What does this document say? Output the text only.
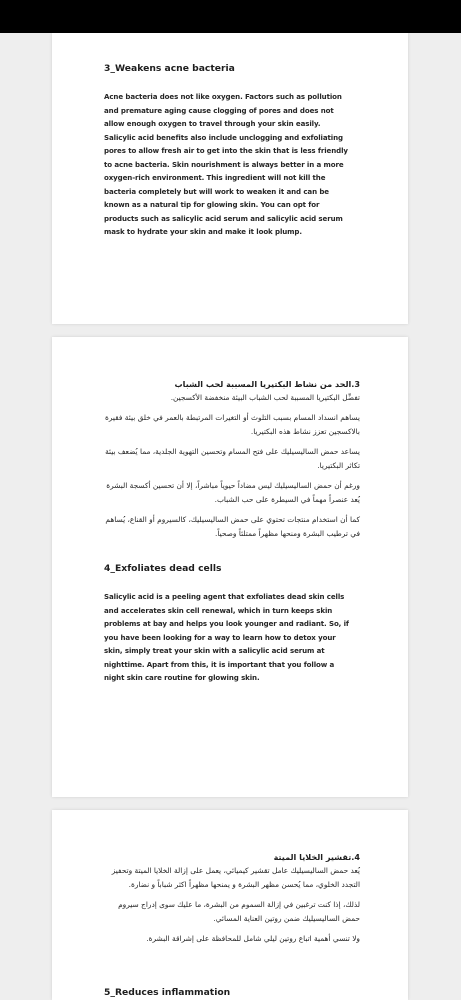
3_Weakens acne bacteria

Acne bacteria does not like oxygen. Factors such as pollution and premature aging cause clogging of pores and does not allow enough oxygen to travel through your skin easily. Salicylic acid benefits also include unclogging and exfoliating pores to allow fresh air to get into the skin that is less friendly to acne bacteria. Skin nourishment is always better in a more oxygen-rich environment. This ingredient will not kill the bacteria completely but will work to weaken it and can be known as a natural tip for glowing skin. You can opt for products such as salicylic acid serum and salicylic acid serum mask to hydrate your skin and make it look plump.

3.الحد من نشاط البكتيريا المسببة لحب الشباب

تفضِّل البكتيريا المسببة لحب الشباب البيئة منخفضة الأكسجين.

يساهم انسداد المسام بسبب التلوث أو التغيرات المرتبطة بالعمر في خلق بيئة فقيرة بالاكسجين تعزز نشاط هذه البكتيريا.

يساعد حمض الساليسيليك على فتح المسام وتحسين التهوية الجلدية، مما يُضعف بيئة تكاثر البكتيريا.

ورغم أن حمض الساليسيليك ليس مضاداً حيوياً مباشراً، إلا أن تحسين أكسجة البشرة يُعد عنصراً مهماً في السيطرة على حب الشباب.

كما أن استخدام منتجات تحتوي على حمض الساليسيليك، كالسيروم أو القناع، يُساهم في ترطيب البشرة ومنحها مظهراً ممتلئاً وصحياً.

4_Exfoliates dead cells

Salicylic acid is a peeling agent that exfoliates dead skin cells and accelerates skin cell renewal, which in turn keeps skin problems at bay and helps you look younger and radiant. So, if you have been looking for a way to learn how to detox your skin, simply treat your skin with a salicylic acid serum at nighttime. Apart from this, it is important that you follow a night skin care routine for glowing skin.

4.تقشير الخلايا الميتة

يُعد حمض الساليسيليك عامل تقشير كيميائي، يعمل على إزالة الخلايا الميتة وتحفيز التجدد الخلوي، مما يُحسن مظهر البشرة و يمنحها مظهراً اكثر شباباً و نضارة.

لذلك، إذا كنت ترغبين في إزالة السموم من البشرة، ما عليك سوى إدراج سيروم حمض الساليسيليك ضمن روتين العناية المسائي.

ولا تنسي أهمية اتباع روتين ليلي شامل للمحافظة على إشراقة البشرة.

5_Reduces inflammation
